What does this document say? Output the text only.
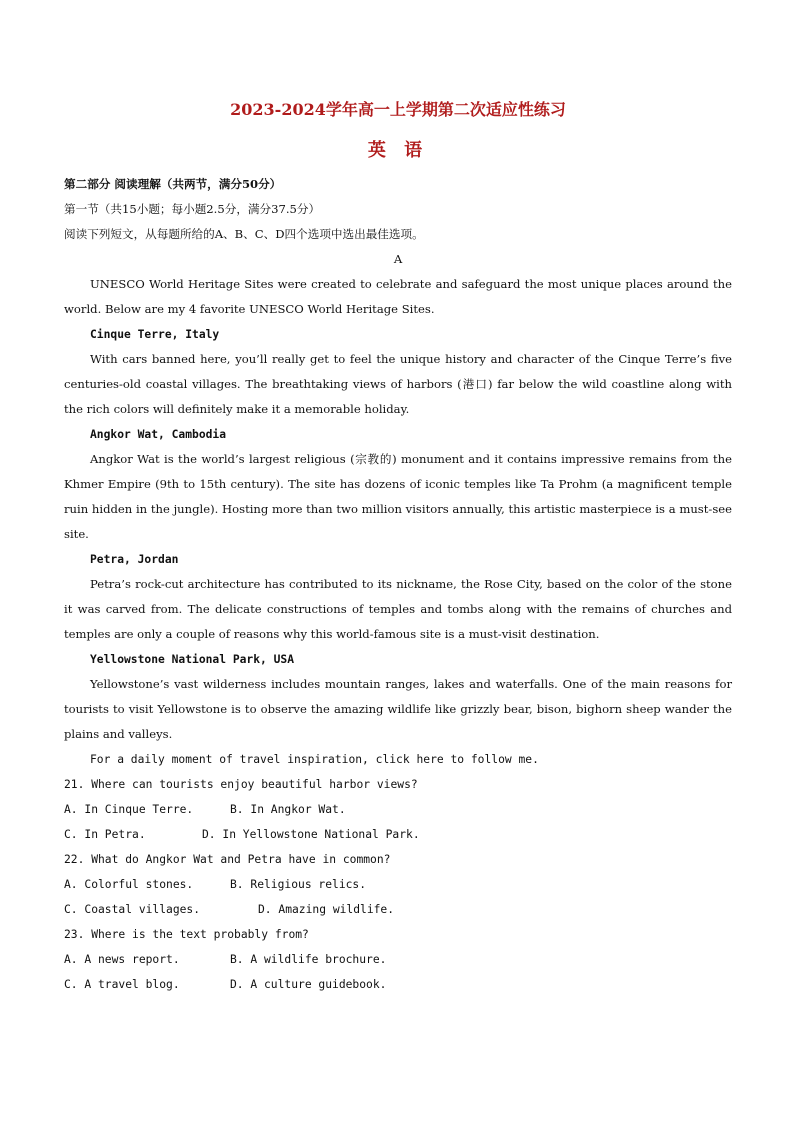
2023-2024学年高一上学期第二次适应性练习
英 语

第二部分 阅读理解（共两节，满分50分）

第一节（共15小题；每小题2.5分，满分37.5分）

阅读下列短文，从每题所给的A、B、C、D四个选项中选出最佳选项。

A

UNESCO World Heritage Sites were created to celebrate and safeguard the most unique places around the world. Below are my 4 favorite UNESCO World Heritage Sites.

Cinque Terre, Italy

With cars banned here, you’ll really get to feel the unique history and character of the Cinque Terre’s five centuries-old coastal villages. The breathtaking views of harbors (港口) far below the wild coastline along with the rich colors will definitely make it a memorable holiday.

Angkor Wat, Cambodia

Angkor Wat is the world’s largest religious (宗教的) monument and it contains impressive remains from the Khmer Empire (9th to 15th century). The site has dozens of iconic temples like Ta Prohm (a magnificent temple ruin hidden in the jungle). Hosting more than two million visitors annually, this artistic masterpiece is a must-see site.

Petra, Jordan

Petra’s rock-cut architecture has contributed to its nickname, the Rose City, based on the color of the stone it was carved from. The delicate constructions of temples and tombs along with the remains of churches and temples are only a couple of reasons why this world-famous site is a must-visit destination.

Yellowstone National Park, USA

Yellowstone’s vast wilderness includes mountain ranges, lakes and waterfalls. One of the main reasons for tourists to visit Yellowstone is to observe the amazing wildlife like grizzly bear, bison, bighorn sheep wander the plains and valleys.

For a daily moment of travel inspiration, click here to follow me.

21. Where can tourists enjoy beautiful harbor views?

A. In Cinque Terre.	B. In Angkor Wat.
C. In Petra.	D. In Yellowstone National Park.

22. What do Angkor Wat and Petra have in common?

A. Colorful stones.	B. Religious relics.
C. Coastal villages.	D. Amazing wildlife.

23. Where is the text probably from?

A. A news report.	B. A wildlife brochure.
C. A travel blog.	D. A culture guidebook.
